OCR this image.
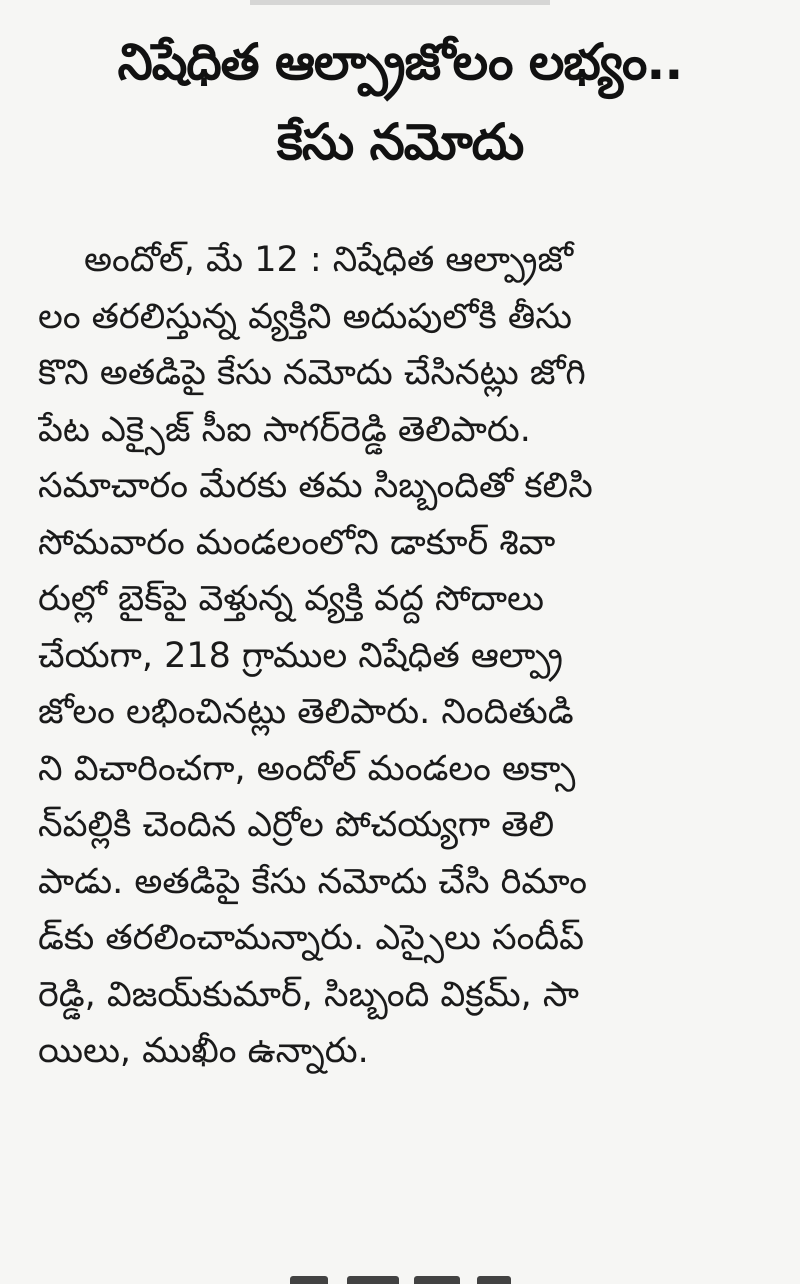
నిషేధిత ఆల్ప్రాజోలం లభ్యం..
కేసు నమోదు
అందోల్, మే 12 : నిషేధిత ఆల్ప్రాజో
లం తరలిస్తున్న వ్యక్తిని అదుపులోకి తీసు
కొని అతడిపై కేసు నమోదు చేసినట్లు జోగి
పేట ఎక్సైజ్ సీఐ సాగర్‌రెడ్డి తెలిపారు.
సమాచారం మేరకు తమ సిబ్బందితో కలిసి
సోమవారం మండలంలోని డాకూర్ శివా
రుల్లో బైక్‌పై వెళ్తున్న వ్యక్తి వద్ద సోదాలు
చేయగా, 218 గ్రాముల నిషేధిత ఆల్ప్రా
జోలం లభించినట్లు తెలిపారు. నిందితుడి
ని విచారించగా, అందోల్ మండలం అక్సా
న్‌పల్లికి చెందిన ఎర్రోల పోచయ్యగా తెలి
పాడు. అతడిపై కేసు నమోదు చేసి రిమాం
డ్‌కు తరలించామన్నారు. ఎస్సైలు సందీప్
రెడ్డి, విజయ్‌కుమార్, సిబ్బంది విక్రమ్, సా
యిలు, ముఖీం ఉన్నారు.
